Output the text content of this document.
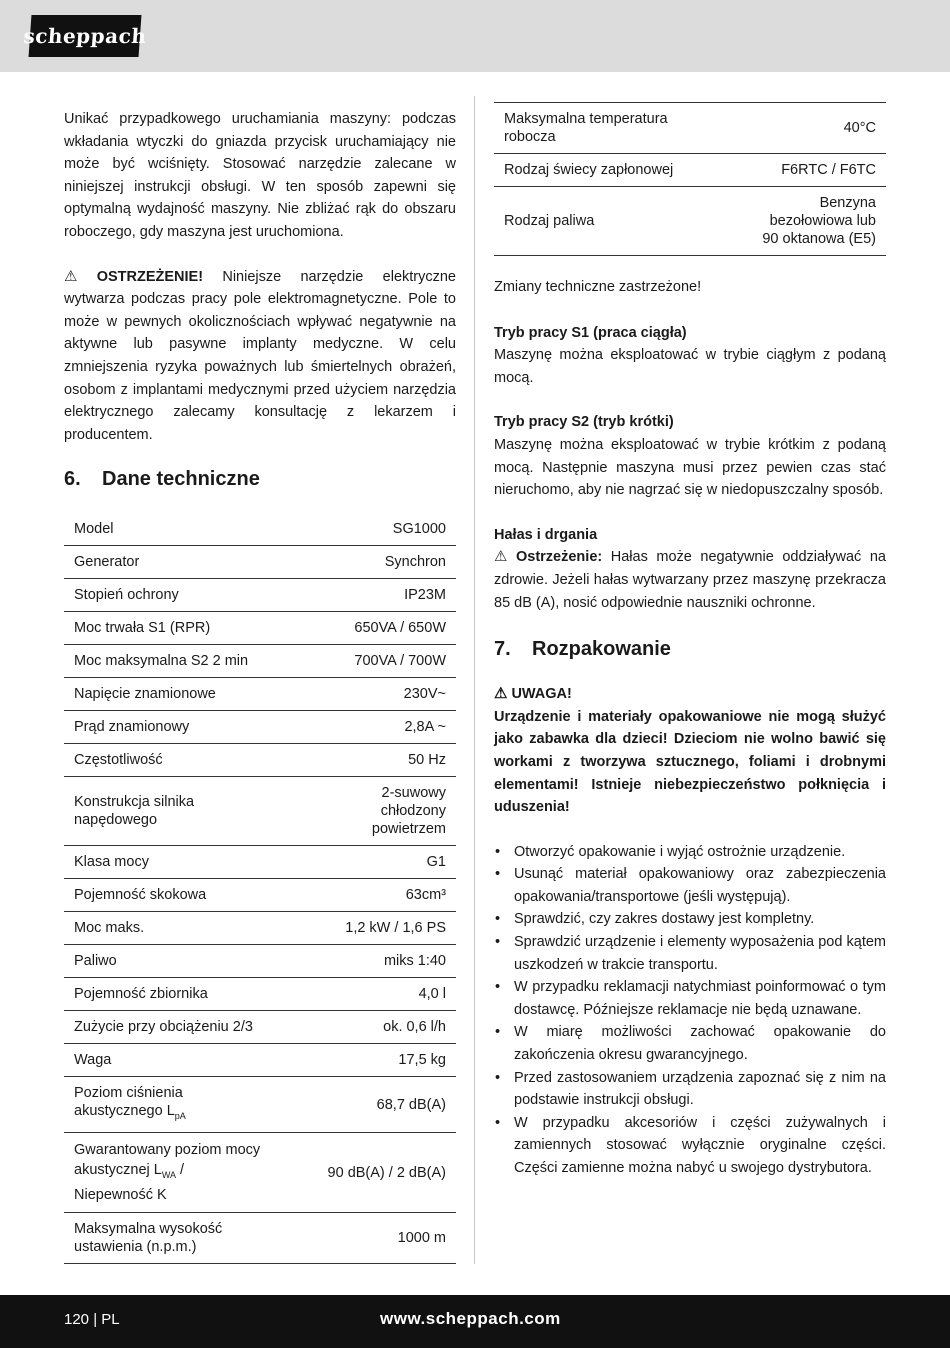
scheppach

Unikać przypadkowego uruchamiania maszyny: podczas wkładania wtyczki do gniazda przycisk uruchamiający nie może być wciśnięty. Stosować narzędzie zalecane w niniejszej instrukcji obsługi. W ten sposób zapewni się optymalną wydajność maszyny. Nie zbliżać rąk do obszaru roboczego, gdy maszyna jest uruchomiona.

⚠ OSTRZEŻENIE! Niniejsze narzędzie elektryczne wytwarza podczas pracy pole elektromagnetyczne. Pole to może w pewnych okolicznościach wpływać negatywnie na aktywne lub pasywne implanty medyczne. W celu zmniejszenia ryzyka poważnych lub śmiertelnych obrażeń, osobom z implantami medycznymi przed użyciem narzędzia elektrycznego zalecamy konsultację z lekarzem i producentem.

6.	Dane techniczne
Model	SG1000
Generator	Synchron
Stopień ochrony	IP23M
Moc trwała S1 (RPR)	650VA / 650W
Moc maksymalna S2 2 min	700VA / 700W
Napięcie znamionowe	230V~
Prąd znamionowy	2,8A ~
Częstotliwość	50 Hz
Konstrukcja silnika napędowego	2-suwowy chłodzony powietrzem
Klasa mocy	G1
Pojemność skokowa	63cm³
Moc maks.	1,2 kW / 1,6 PS
Paliwo	miks 1:40
Pojemność zbiornika	4,0 l
Zużycie przy obciążeniu 2/3	ok. 0,6 l/h
Waga	17,5 kg
Poziom ciśnienia akustycznego $L_{pA}$	68,7 dB(A)
Gwarantowany poziom mocy akustycznej $L_{WA}$ /
Niepewność K	90 dB(A) / 2 dB(A)
Maksymalna wysokość ustawienia (n.p.m.)	1000 m
Maksymalna temperatura robocza	40°C
Rodzaj świecy zapłonowej	F6RTC / F6TC
Rodzaj paliwa	Benzyna bezołowiowa lub 90 oktanowa (E5)

Zmiany techniczne zastrzeżone!

Tryb pracy S1 (praca ciągła)

Maszynę można eksploatować w trybie ciągłym z podaną mocą.

Tryb pracy S2 (tryb krótki)

Maszynę można eksploatować w trybie krótkim z podaną mocą. Następnie maszyna musi przez pewien czas stać nieruchomo, aby nie nagrzać się w niedopuszczalny sposób.

Hałas i drgania

⚠ Ostrzeżenie: Hałas może negatywnie oddziaływać na zdrowie. Jeżeli hałas wytwarzany przez maszynę przekracza 85 dB (A), nosić odpowiednie nauszniki ochronne.

7.	Rozpakowanie

⚠ UWAGA!

Urządzenie i materiały opakowaniowe nie mogą służyć jako zabawka dla dzieci! Dzieciom nie wolno bawić się workami z tworzywa sztucznego, foliami i drobnymi elementami! Istnieje niebezpieczeństwo połknięcia i uduszenia!

• Otworzyć opakowanie i wyjąć ostrożnie urządzenie.
• Usunąć materiał opakowaniowy oraz zabezpieczenia opakowania/transportowe (jeśli występują).
• Sprawdzić, czy zakres dostawy jest kompletny.
• Sprawdzić urządzenie i elementy wyposażenia pod kątem uszkodzeń w trakcie transportu.
• W przypadku reklamacji natychmiast poinformować o tym dostawcę. Późniejsze reklamacje nie będą uznawane.
• W miarę możliwości zachować opakowanie do zakończenia okresu gwarancyjnego.
• Przed zastosowaniem urządzenia zapoznać się z nim na podstawie instrukcji obsługi.
• W przypadku akcesoriów i części zużywalnych i zamiennych stosować wyłącznie oryginalne części. Części zamienne można nabyć u swojego dystrybutora.
120 | PL	www.scheppach.com
